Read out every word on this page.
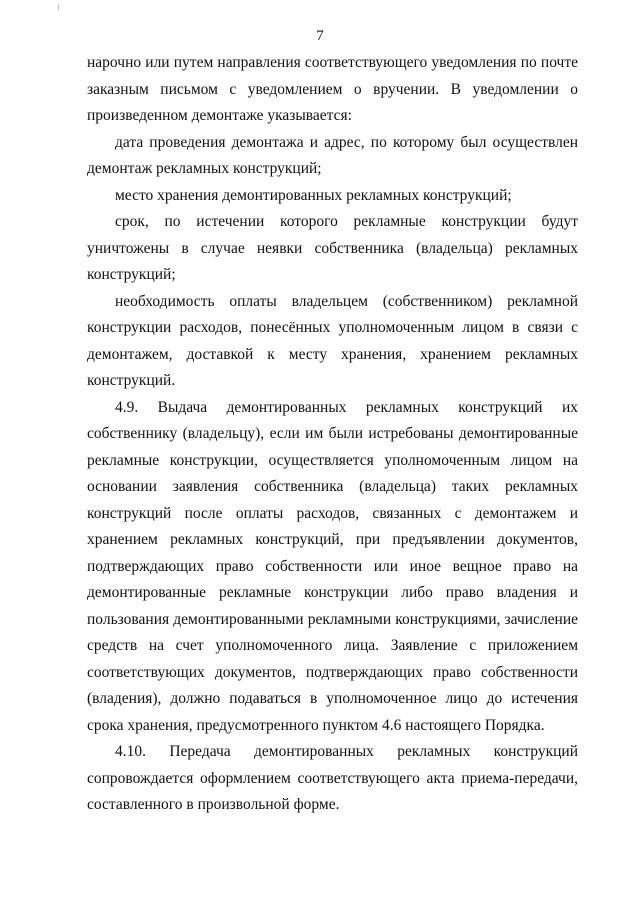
7

нарочно или путем направления соответствующего уведомления по почте заказным письмом с уведомлением о вручении. В уведомлении о произведенном демонтаже указывается:

дата проведения демонтажа и адрес, по которому был осуществлен демонтаж рекламных конструкций;

место хранения демонтированных рекламных конструкций;

срок, по истечении которого рекламные конструкции будут уничтожены в случае неявки собственника (владельца) рекламных конструкций;

необходимость оплаты владельцем (собственником) рекламной конструкции расходов, понесённых уполномоченным лицом в связи с демонтажем, доставкой к месту хранения, хранением рекламных конструкций.

4.9. Выдача демонтированных рекламных конструкций их собственнику (владельцу), если им были истребованы демонтированные рекламные конструкции, осуществляется уполномоченным лицом на основании заявления собственника (владельца) таких рекламных конструкций после оплаты расходов, связанных с демонтажем и хранением рекламных конструкций, при предъявлении документов, подтверждающих право собственности или иное вещное право на демонтированные рекламные конструкции либо право владения и пользования демонтированными рекламными конструкциями, зачисление средств на счет уполномоченного лица. Заявление с приложением соответствующих документов, подтверждающих право собственности (владения), должно подаваться в уполномоченное лицо до истечения срока хранения, предусмотренного пунктом 4.6 настоящего Порядка.

4.10. Передача демонтированных рекламных конструкций сопровождается оформлением соответствующего акта приема-передачи, составленного в произвольной форме.
